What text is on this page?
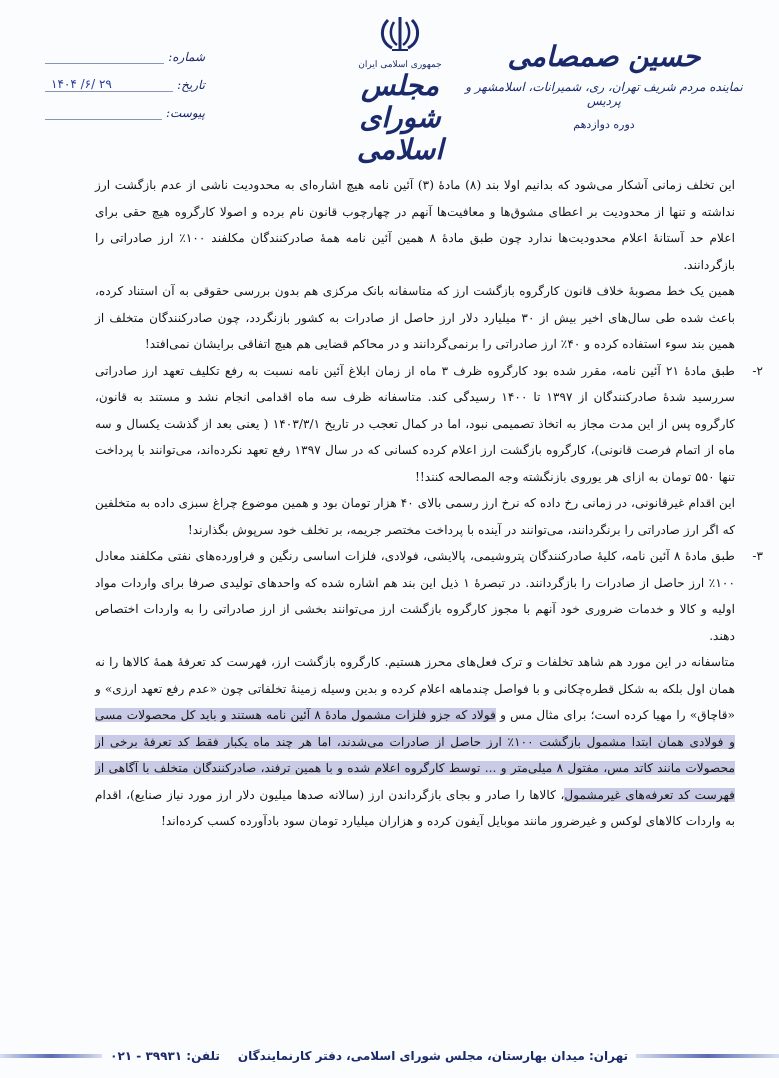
شماره:
تاریخ:
۱۴۰۴ /۶/ ۲۹
پیوست:
جمهوری اسلامی ایران
مجلس شورای اسلامی
حسین صمصامی
نماینده مردم شریف تهران، ری، شمیرانات، اسلامشهر و پردیس
دوره دوازدهم

این تخلف زمانی آشکار می‌شود که بدانیم اولا بند (۸) مادهٔ (۳) آئین نامه هیچ اشاره‌ای به محدودیت ناشی از عدم بازگشت ارز نداشته و تنها از محدودیت بر اعطای مشوق‌ها و معافیت‌ها آنهم در چهارچوب قانون نام برده و اصولا کارگروه هیچ حقی برای اعلام حد آستانهٔ اعلام محدودیت‌ها ندارد چون طبق مادهٔ ۸ همین آئین نامه همهٔ صادرکنندگان مکلفند ۱۰۰٪ ارز صادراتی را بازگردانند.

همین یک خط مصوبهٔ خلاف قانون کارگروه بازگشت ارز که متاسفانه بانک مرکزی هم بدون بررسی حقوقی به آن استناد کرده، باعث شده طی سال‌های اخیر بیش از ۳۰ میلیارد دلار ارز حاصل از صادرات به کشور بازنگردد، چون صادرکنندگان متخلف از همین بند سوء استفاده کرده و ۴۰٪ ارز صادراتی را برنمی‌گردانند و در محاکم قضایی هم هیچ اتفاقی برایشان نمی‌افتد!

۲-
طبق مادهٔ ۲۱ آئین نامه، مقرر شده بود کارگروه ظرف ۳ ماه از زمان ابلاغ آئین نامه نسبت به رفع تکلیف تعهد ارز صادراتی سررسید شدهٔ صادرکنندگان از ۱۳۹۷ تا ۱۴۰۰ رسیدگی کند. متاسفانه ظرف سه ماه اقدامی انجام نشد و مستند به قانون، کارگروه پس از این مدت مجاز به اتخاذ تصمیمی نبود، اما در کمال تعجب در تاریخ ۱۴۰۳/۳/۱ ( یعنی بعد از گذشت یکسال و سه ماه از اتمام فرصت قانونی)، کارگروه بازگشت ارز اعلام کرده کسانی که در سال ۱۳۹۷ رفع تعهد نکرده‌اند، می‌توانند با پرداخت تنها ۵۵۰ تومان به ازای هر یوروی بازنگشته وجه المصالحه کنند!!

این اقدام غیرقانونی، در زمانی رخ داده که نرخ ارز رسمی بالای ۴۰ هزار تومان بود و همین موضوع چراغ سبزی داده به متخلفین که اگر ارز صادراتی را برنگردانند، می‌توانند در آینده با پرداخت مختصر جریمه، بر تخلف خود سرپوش بگذارند!

۳-
طبق مادهٔ ۸ آئین نامه، کلیهٔ صادرکنندگان پتروشیمی، پالایشی، فولادی، فلزات اساسی رنگین و فراورده‌های نفتی مکلفند معادل ۱۰۰٪ ارز حاصل از صادرات را بازگردانند. در تبصرهٔ ۱ ذیل این بند هم اشاره شده که واحدهای تولیدی صرفا برای واردات مواد اولیه و کالا و خدمات ضروری خود آنهم با مجوز کارگروه بازگشت ارز می‌توانند بخشی از ارز صادراتی را به واردات اختصاص دهند.

متاسفانه در این مورد هم شاهد تخلفات و ترک فعل‌های محرز هستیم. کارگروه بازگشت ارز، فهرست کد تعرفهٔ همهٔ کالاها را نه همان اول بلکه به شکل قطره‌چکانی و با فواصل چندماهه اعلام کرده و بدین وسیله زمینهٔ تخلفاتی چون «عدم رفع تعهد ارزی» و «قاچاق» را مهیا کرده است؛ برای مثال مس و فولاد که جزو فلزات مشمول مادهٔ ۸ آئین نامه هستند و باید کل محصولات مسی و فولادی همان ابتدا مشمول بازگشت ۱۰۰٪ ارز حاصل از صادرات می‌شدند، اما هر چند ماه یکبار فقط کد تعرفهٔ برخی از محصولات مانند کاتد مس، مفتول ۸ میلی‌متر و ... توسط کارگروه اعلام شده و با همین ترفند، صادرکنندگان متخلف با آگاهی از فهرست کد تعرفه‌های غیرمشمول، کالاها را صادر و بجای بازگرداندن ارز (سالانه صدها میلیون دلار ارز مورد نیاز صنایع)، اقدام به واردات کالاهای لوکس و غیرضرور مانند موبایل آیفون کرده و هزاران میلیارد تومان سود بادآورده کسب کرده‌اند!

تهران: میدان بهارستان، مجلس شورای اسلامی، دفتر کارنمایندگان
تلفن: ۳۹۹۳۱ - ۰۲۱
